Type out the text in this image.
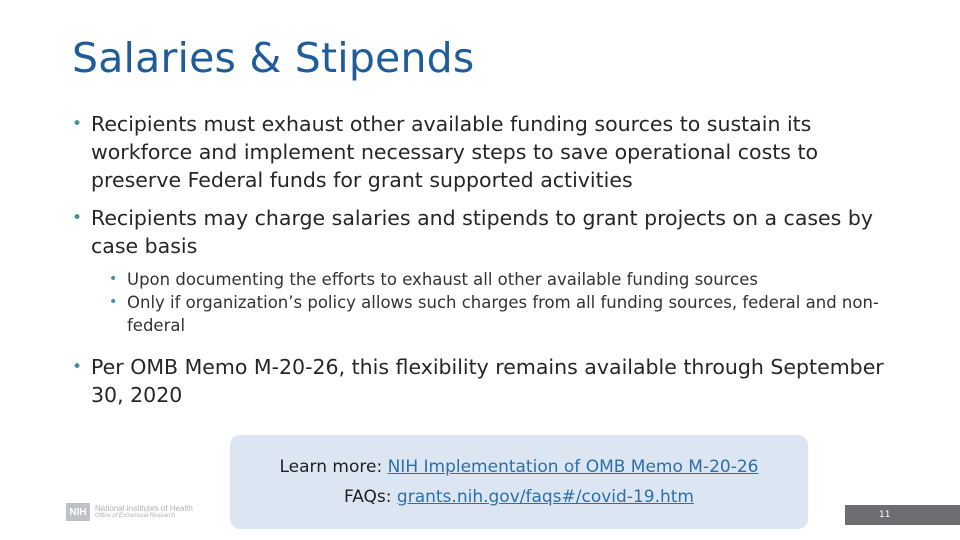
Salaries & Stipends
• Recipients must exhaust other available funding sources to sustain its workforce and implement necessary steps to save operational costs to preserve Federal funds for grant supported activities
• Recipients may charge salaries and stipends to grant projects on a cases by case basis
• Upon documenting the efforts to exhaust all other available funding sources
• Only if organization’s policy allows such charges from all funding sources, federal and non-federal
• Per OMB Memo M-20-26, this flexibility remains available through September 30, 2020
Learn more: NIH Implementation of OMB Memo M-20-26
FAQs: grants.nih.gov/faqs#/covid-19.htm
NIH	National Institutes of Health
Office of Extramural Research	11
